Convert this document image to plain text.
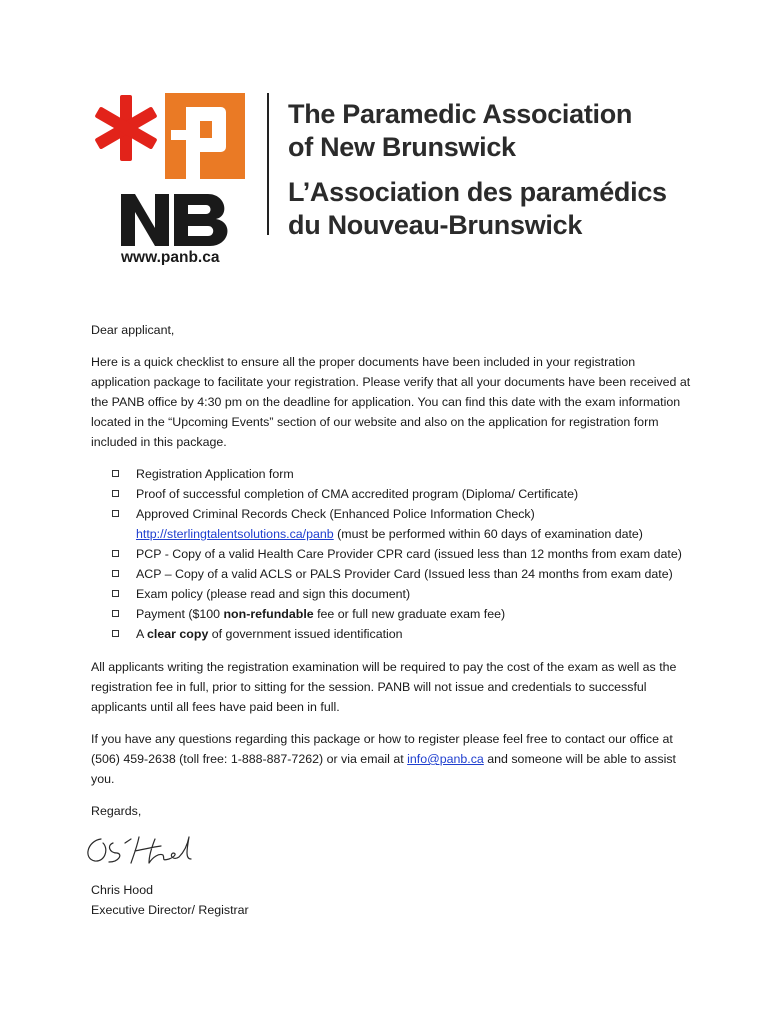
www.panb.ca
The Paramedic Association
of New Brunswick
L’Association des paramédics
du Nouveau-Brunswick

Dear applicant,

Here is a quick checklist to ensure all the proper documents have been included in your registration application package to facilitate your registration. Please verify that all your documents have been received at the PANB office by 4:30 pm on the deadline for application. You can find this date with the exam information located in the “Upcoming Events” section of our website and also on the application for registration form included in this package.

Registration Application form
Proof of successful completion of CMA accredited program (Diploma/ Certificate)
Approved Criminal Records Check (Enhanced Police Information Check)
http://sterlingtalentsolutions.ca/panb (must be performed within 60 days of examination date)
PCP - Copy of a valid Health Care Provider CPR card (issued less than 12 months from exam date)
ACP – Copy of a valid ACLS or PALS Provider Card (Issued less than 24 months from exam date)
Exam policy (please read and sign this document)
Payment ($100 non-refundable fee or full new graduate exam fee)
A clear copy of government issued identification

All applicants writing the registration examination will be required to pay the cost of the exam as well as the registration fee in full, prior to sitting for the session. PANB will not issue and credentials to successful applicants until all fees have paid been in full.

If you have any questions regarding this package or how to register please feel free to contact our office at (506) 459-2638 (toll free: 1-888-887-7262) or via email at info@panb.ca and someone will be able to assist you.

Regards,

Chris Hood

Executive Director/ Registrar
